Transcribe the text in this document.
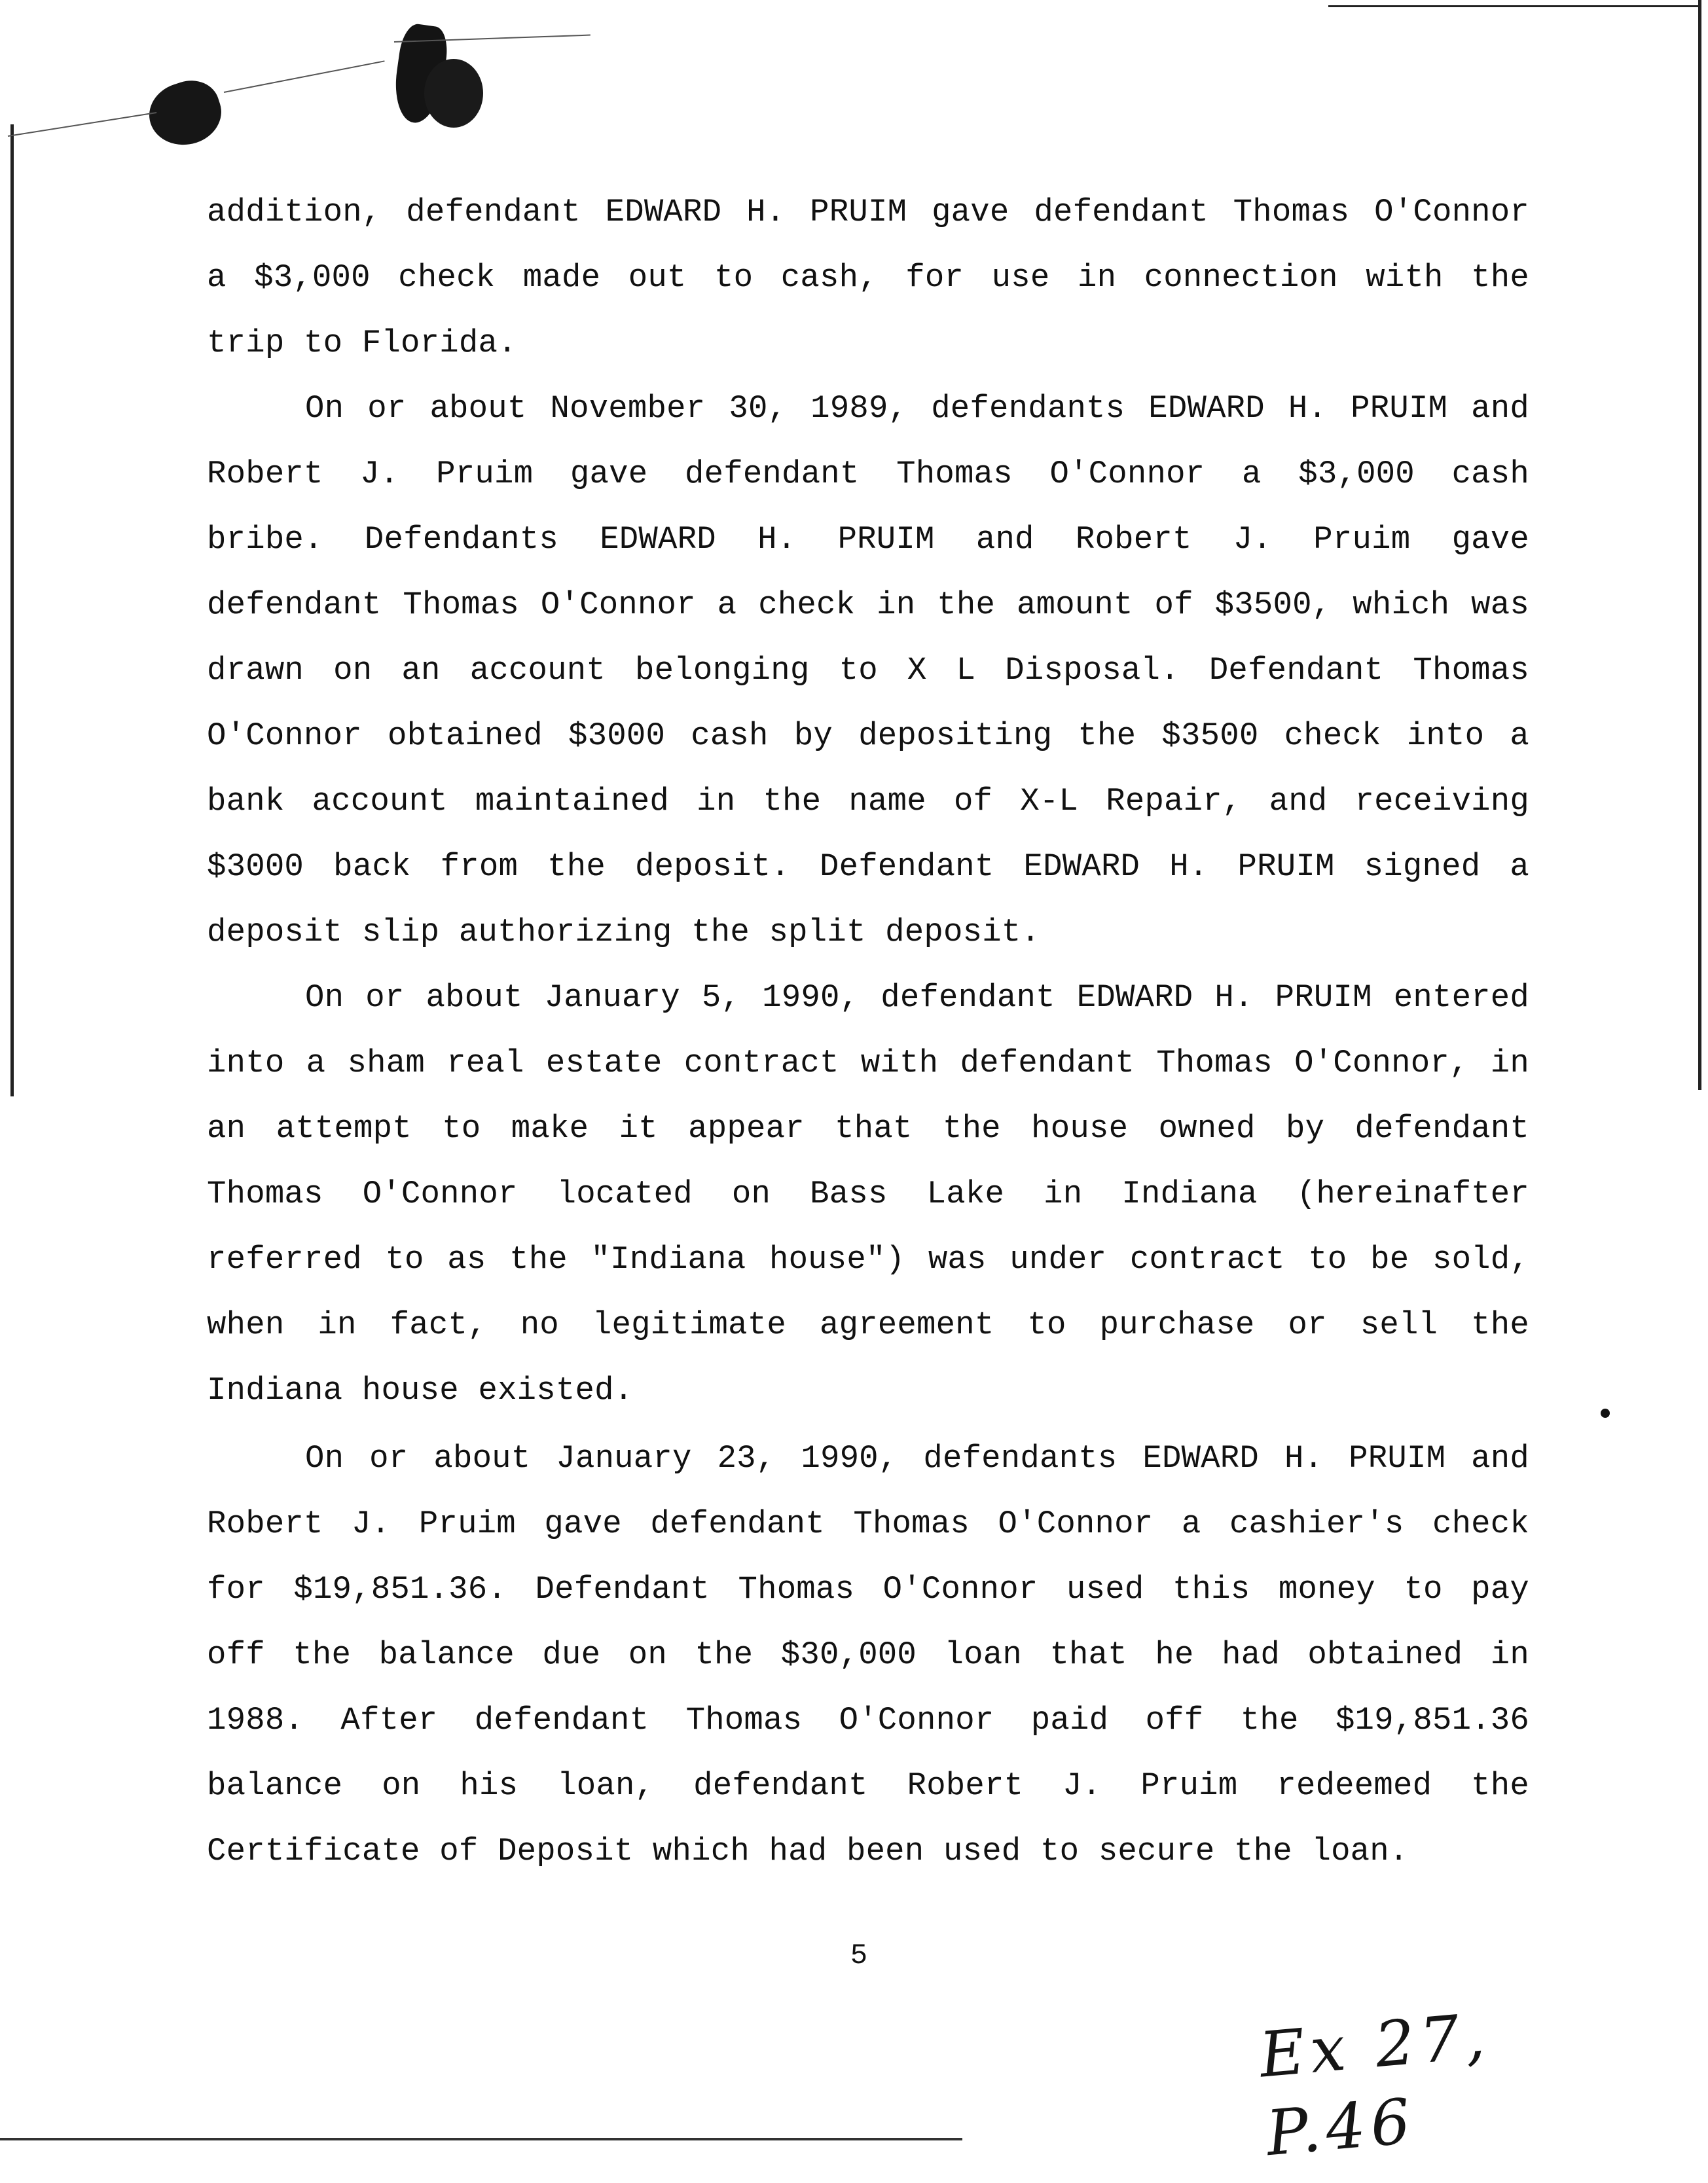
addition, defendant EDWARD H. PRUIM gave defendant Thomas O'Connor
a $3,000 check made out to cash, for use in connection with the
trip to Florida.
On or about November 30, 1989, defendants EDWARD H. PRUIM and
Robert J. Pruim gave defendant Thomas O'Connor a $3,000 cash
bribe. Defendants EDWARD H. PRUIM and Robert J. Pruim gave
defendant Thomas O'Connor a check in the amount of $3500, which was
drawn on an account belonging to X L Disposal. Defendant Thomas
O'Connor obtained $3000 cash by depositing the $3500 check into a
bank account maintained in the name of X-L Repair, and receiving
$3000 back from the deposit. Defendant EDWARD H. PRUIM signed a
deposit slip authorizing the split deposit.
On or about January 5, 1990, defendant EDWARD H. PRUIM entered
into a sham real estate contract with defendant Thomas O'Connor, in
an attempt to make it appear that the house owned by defendant
Thomas O'Connor located on Bass Lake in Indiana (hereinafter
referred to as the "Indiana house") was under contract to be sold,
when in fact, no legitimate agreement to purchase or sell the
Indiana house existed.
On or about January 23, 1990, defendants EDWARD H. PRUIM and
Robert J. Pruim gave defendant Thomas O'Connor a cashier's check
for $19,851.36. Defendant Thomas O'Connor used this money to pay
off the balance due on the $30,000 loan that he had obtained in
1988. After defendant Thomas O'Connor paid off the $19,851.36
balance on his loan, defendant Robert J. Pruim redeemed the
Certificate of Deposit which had been used to secure the loan.
5
Ex 27, P.46
